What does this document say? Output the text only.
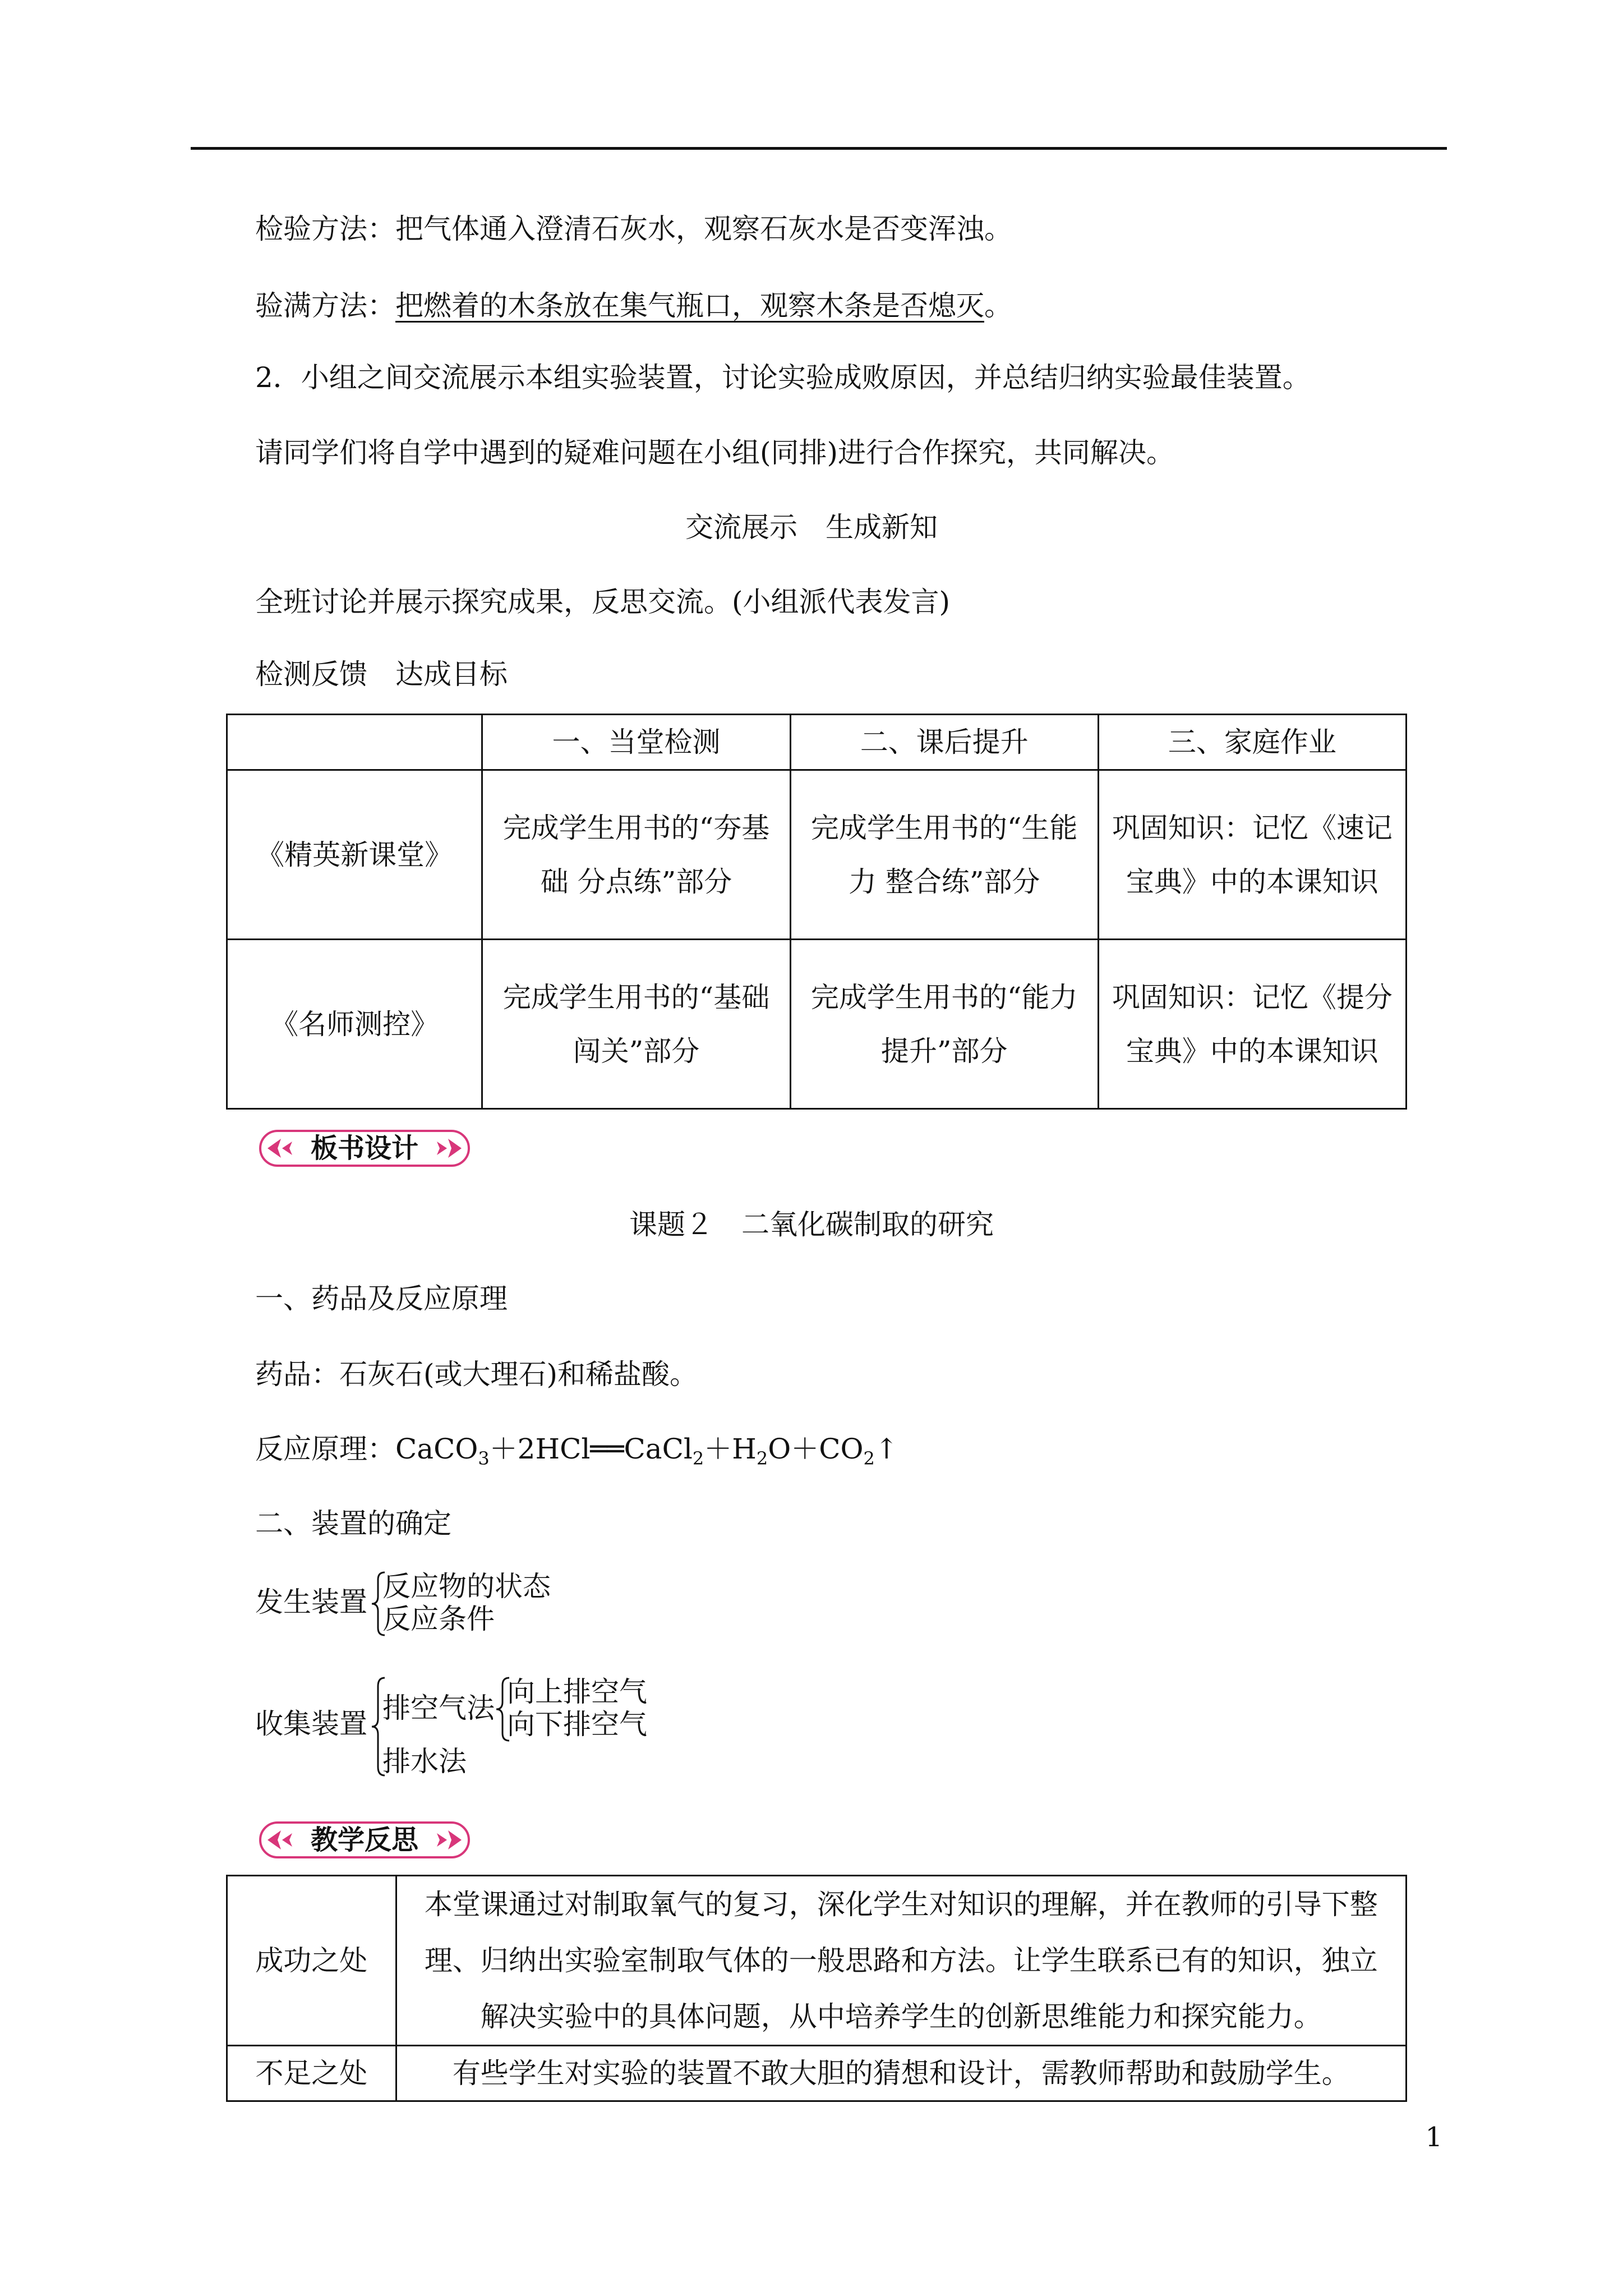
检验方法：把气体通入澄清石灰水，观察石灰水是否变浑浊。
验满方法：把燃着的木条放在集气瓶口，观察木条是否熄灭。
2．小组之间交流展示本组实验装置，讨论实验成败原因，并总结归纳实验最佳装置。
请同学们将自学中遇到的疑难问题在小组(同排)进行合作探究，共同解决。
交流展示　生成新知
全班讨论并展示探究成果，反思交流。(小组派代表发言)
检测反馈　达成目标
	一、当堂检测	二、课后提升	三、家庭作业
《精英新课堂》	完成学生用书的“夯基础 分点练”部分	完成学生用书的“生能力 整合练”部分	巩固知识：记忆《速记宝典》中的本课知识
《名师测控》	完成学生用书的“基础闯关”部分	完成学生用书的“能力提升”部分	巩固知识：记忆《提分宝典》中的本课知识
板书设计
课题２　二氧化碳制取的研究
一、药品及反应原理
药品：石灰石(或大理石)和稀盐酸。
反应原理：$CaCO_3+2HCl══CaCl_2+H_2O+CO_2↑$
二、装置的确定
发生装置 反应物的状态
反应条件
收集装置 排空气法 向上排空气
向下排空气
排水法
教学反思
成功之处	本堂课通过对制取氧气的复习，深化学生对知识的理解，并在教师的引导下整理、归纳出实验室制取气体的一般思路和方法。让学生联系已有的知识，独立解决实验中的具体问题，从中培养学生的创新思维能力和探究能力。
不足之处	有些学生对实验的装置不敢大胆的猜想和设计，需教师帮助和鼓励学生。
1
